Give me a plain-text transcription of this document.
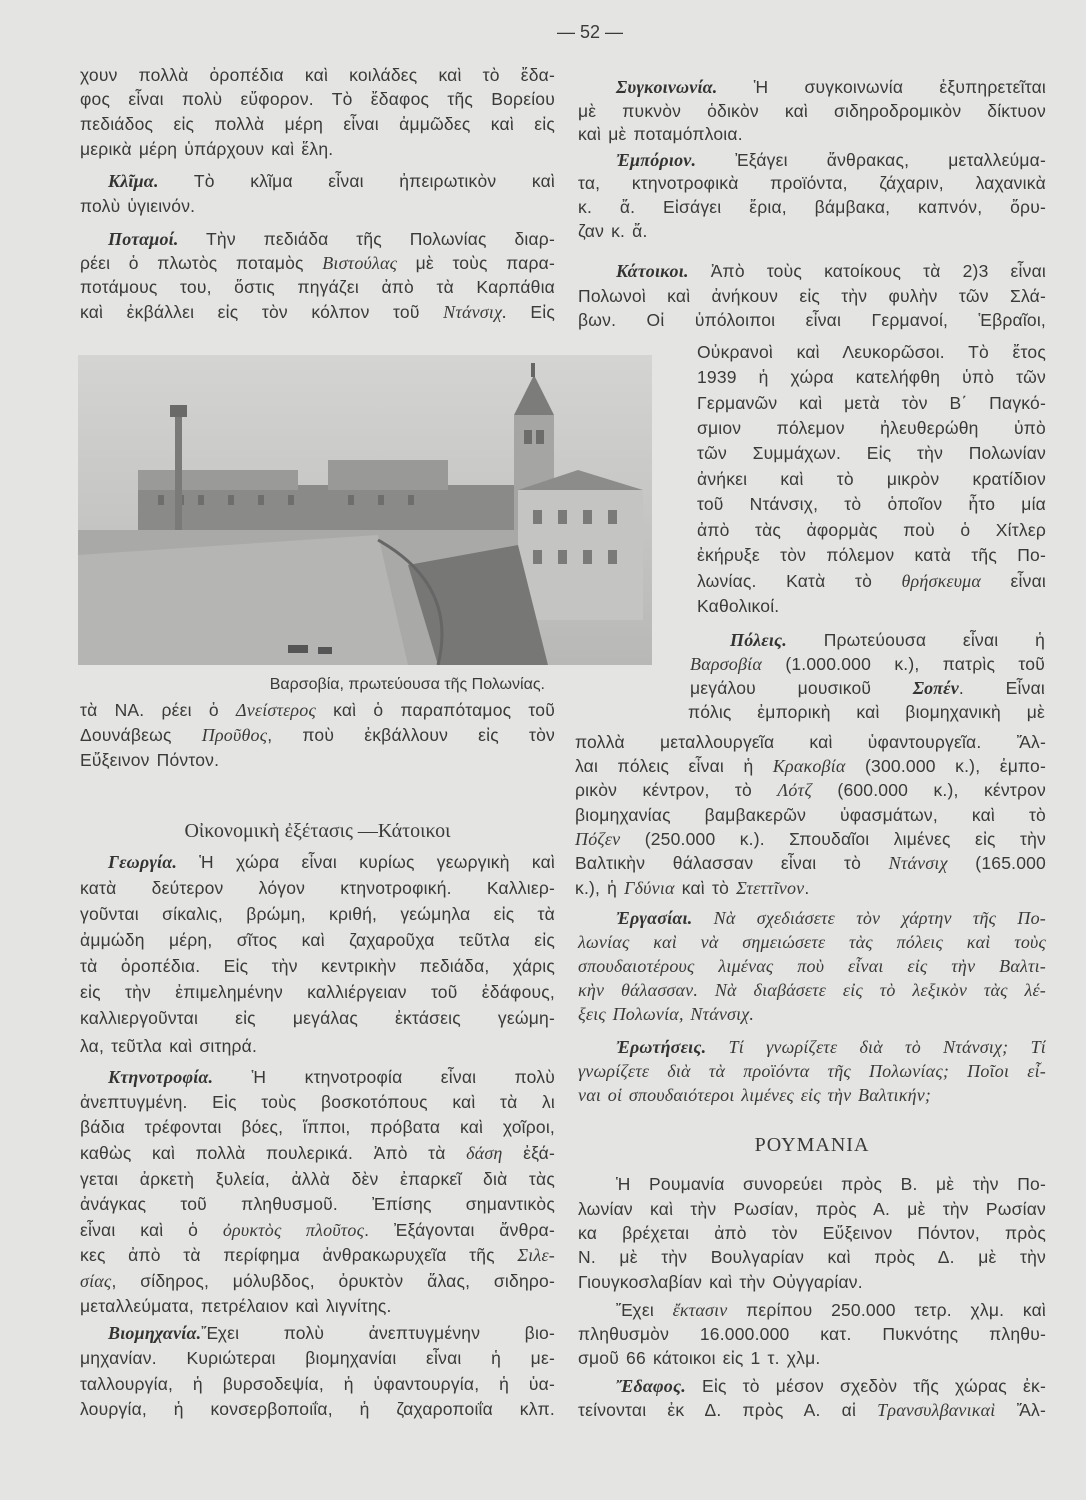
— 52 —
Βαρσοβία, πρωτεύουσα τῆς Πολωνίας.
Οἰκονομικὴ ἐξέτασις —Κάτοικοι
ΡΟΥΜΑΝΙΑ
χουν πολλὰ ὀροπέδια καὶ κοιλάδες καὶ τὸ ἔδα-
φος εἶναι πολὺ εὔφορον. Τὸ ἔδαφος τῆς Βορείου
πεδιάδος εἰς πολλὰ μέρη εἶναι ἀμμῶδες καὶ εἰς
μερικὰ μέρη ὑπάρχουν καὶ ἕλη.
Κλῖμα. Τὸ κλῖμα εἶναι ἠπειρωτικὸν καὶ
πολὺ ὑγιεινόν.
Ποταμοί. Τὴν πεδιάδα τῆς Πολωνίας διαρ-
ρέει ὁ πλωτὸς ποταμὸς Βιστούλας μὲ τοὺς παρα-
ποτάμους του, ὅστις πηγάζει ἀπὸ τὰ Καρπάθια
καὶ ἐκβάλλει εἰς τὸν κόλπον τοῦ Ντάνσιχ. Εἰς
τὰ ΝΑ. ρέει ὁ Δνείστερος καὶ ὁ παραπόταμος τοῦ
Δουνάβεως Προῦθος, ποὺ ἐκβάλλουν εἰς τὸν
Εὔξεινον Πόντον.
Γεωργία. Ἡ χώρα εἶναι κυρίως γεωργικὴ καὶ
κατὰ δεύτερον λόγον κτηνοτροφική. Καλλιερ-
γοῦνται σίκαλις, βρώμη, κριθή, γεώμηλα εἰς τὰ
ἀμμώδη μέρη, σῖτος καὶ ζαχαροῦχα τεῦτλα εἰς
τὰ ὀροπέδια. Εἰς τὴν κεντρικὴν πεδιάδα, χάρις
εἰς τὴν ἐπιμελημένην καλλιέργειαν τοῦ ἐδάφους,
καλλιεργοῦνται εἰς μεγάλας ἐκτάσεις γεώμη-
λα, τεῦτλα καὶ σιτηρά.
Κτηνοτροφία. Ἡ κτηνοτροφία εἶναι πολὺ
ἀνεπτυγμένη. Εἰς τοὺς βοσκοτόπους καὶ τὰ λι
βάδια τρέφονται βόες, ἵπποι, πρόβατα καὶ χοῖροι,
καθὼς καὶ πολλὰ πουλερικά. Ἀπὸ τὰ δάση ἐξά-
γεται ἀρκετὴ ξυλεία, ἀλλὰ δὲν ἐπαρκεῖ διὰ τὰς
ἀνάγκας τοῦ πληθυσμοῦ. Ἐπίσης σημαντικὸς
εἶναι καὶ ὁ ὀρυκτὸς πλοῦτος. Ἐξάγονται ἄνθρα-
κες ἀπὸ τὰ περίφημα ἀνθρακωρυχεῖα τῆς Σιλε-
σίας, σίδηρος, μόλυβδος, ὀρυκτὸν ἅλας, σιδηρο-
μεταλλεύματα, πετρέλαιον καὶ λιγνίτης.
Βιομηχανία.Ἔχει πολὺ ἀνεπτυγμένην βιο-
μηχανίαν. Κυριώτεραι βιομηχανίαι εἶναι ἡ με-
ταλλουργία, ἡ βυρσοδεψία, ἡ ὑφαντουργία, ἡ ὑα-
λουργία, ἡ κονσερβοποιΐα, ἡ ζαχαροποιΐα κλπ.
Συγκοινωνία. Ἡ συγκοινωνία ἐξυπηρετεῖται
μὲ πυκνὸν ὁδικὸν καὶ σιδηροδρομικὸν δίκτυον
καὶ μὲ ποταμόπλοια.
Ἐμπόριον. Ἐξάγει ἄνθρακας, μεταλλεύμα-
τα, κτηνοτροφικὰ προϊόντα, ζάχαριν, λαχανικὰ
κ. ἄ. Εἰσάγει ἔρια, βάμβακα, καπνόν, ὄρυ-
ζαν κ. ἄ.
Κάτοικοι. Ἀπὸ τοὺς κατοίκους τὰ 2)3 εἶναι
Πολωνοὶ καὶ ἀνήκουν εἰς τὴν φυλὴν τῶν Σλά-
βων. Οἱ ὑπόλοιποι εἶναι Γερμανοί, Ἑβραῖοι,
Οὐκρανοὶ καὶ Λευκορῶσοι. Τὸ ἔτος
1939 ἡ χώρα κατελήφθη ὑπὸ τῶν
Γερμανῶν καὶ μετὰ τὸν Β΄ Παγκό-
σμιον πόλεμον ἠλευθερώθη ὑπὸ
τῶν Συμμάχων. Εἰς τὴν Πολωνίαν
ἀνήκει καὶ τὸ μικρὸν κρατίδιον
τοῦ Ντάνσιχ, τὸ ὁποῖον ἦτο μία
ἀπὸ τὰς ἀφορμὰς ποὺ ὁ Χίτλερ
ἐκήρυξε τὸν πόλεμον κατὰ τῆς Πο-
λωνίας. Κατὰ τὸ θρήσκευμα εἶναι
Καθολικοί.
Πόλεις. Πρωτεύουσα εἶναι ἡ
Βαρσοβία (1.000.000 κ.), πατρὶς τοῦ
μεγάλου μουσικοῦ Σοπέν. Εἶναι
πόλις ἐμπορικὴ καὶ βιομηχανικὴ μὲ
πολλὰ μεταλλουργεῖα καὶ ὑφαντουργεῖα. Ἄλ-
λαι πόλεις εἶναι ἡ Κρακοβία (300.000 κ.), ἐμπο-
ρικὸν κέντρον, τὸ Λότζ (600.000 κ.), κέντρον
βιομηχανίας βαμβακερῶν ὑφασμάτων, καὶ τὸ
Πόζεν (250.000 κ.). Σπουδαῖοι λιμένες εἰς τὴν
Βαλτικὴν θάλασσαν εἶναι τὸ Ντάνσιχ (165.000
κ.), ἡ Γδύνια καὶ τὸ Στεττῖνον.
Ἐργασίαι. Νὰ σχεδιάσετε τὸν χάρτην τῆς Πο-
λωνίας καὶ νὰ σημειώσετε τὰς πόλεις καὶ τοὺς
σπουδαιοτέρους λιμένας ποὺ εἶναι εἰς τὴν Βαλτι-
κὴν θάλασσαν. Νὰ διαβάσετε εἰς τὸ λεξικὸν τὰς λέ-
ξεις Πολωνία, Ντάνσιχ.
Ἐρωτήσεις. Τί γνωρίζετε διὰ τὸ Ντάνσιχ; Τί
γνωρίζετε διὰ τὰ προϊόντα τῆς Πολωνίας; Ποῖοι εἶ-
ναι οἱ σπουδαιότεροι λιμένες εἰς τὴν Βαλτικήν;
Ἡ Ρουμανία συνορεύει πρὸς Β. μὲ τὴν Πο-
λωνίαν καὶ τὴν Ρωσίαν, πρὸς Α. μὲ τὴν Ρωσίαν
κα βρέχεται ἀπὸ τὸν Εὔξεινον Πόντον, πρὸς
Ν. μὲ τὴν Βουλγαρίαν καὶ πρὸς Δ. μὲ τὴν
Γιουγκοσλαβίαν καὶ τὴν Οὐγγαρίαν.
Ἔχει ἔκτασιν περίπου 250.000 τετρ. χλμ. καὶ
πληθυσμὸν 16.000.000 κατ. Πυκνότης πληθυ-
σμοῦ 66 κάτοικοι εἰς 1 τ. χλμ.
Ἔδαφος. Εἰς τὸ μέσον σχεδὸν τῆς χώρας ἐκ-
τείνονται ἐκ Δ. πρὸς Α. αἱ Τρανσυλβανικαὶ Ἄλ-
